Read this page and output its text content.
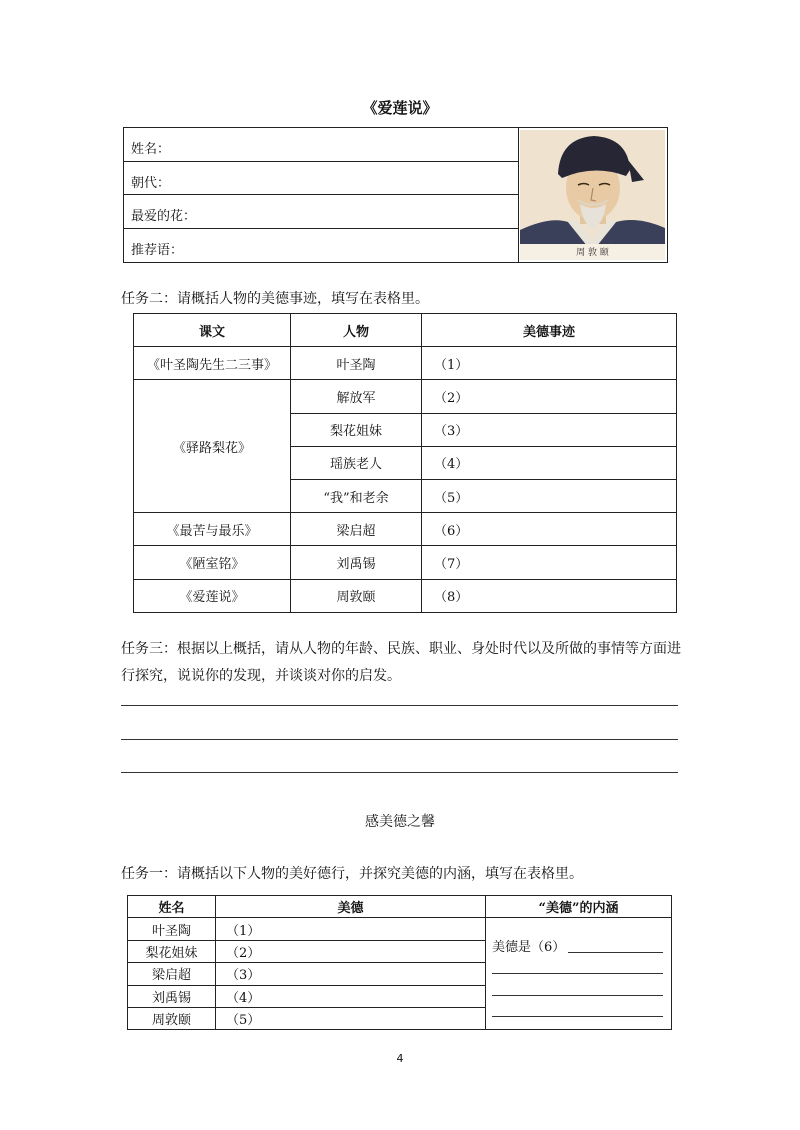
《爱莲说》
姓名：
朝代：
最爱的花：
推荐语：	周 敦 颐
任务二：请概括人物的美德事迹，填写在表格里。
课文	人物	美德事迹
《叶圣陶先生二三事》	叶圣陶	（1）
《驿路梨花》	解放军	（2）
	梨花姐妹	（3）
	瑶族老人	（4）
	“我”和老余	（5）
《最苦与最乐》	梁启超	（6）
《陋室铭》	刘禹锡	（7）
《爱莲说》	周敦颐	（8）
任务三：根据以上概括，请从人物的年龄、民族、职业、身处时代以及所做的事情等方面进行探究，说说你的发现，并谈谈对你的启发。
感美德之馨
任务一：请概括以下人物的美好德行，并探究美德的内涵，填写在表格里。
姓名	美德	“美德”的内涵
叶圣陶	（1）	美德是（6）

梨花姐妹	（2）	
梁启超	（3）	
刘禹锡	（4）	
周敦颐	（5）	
4
